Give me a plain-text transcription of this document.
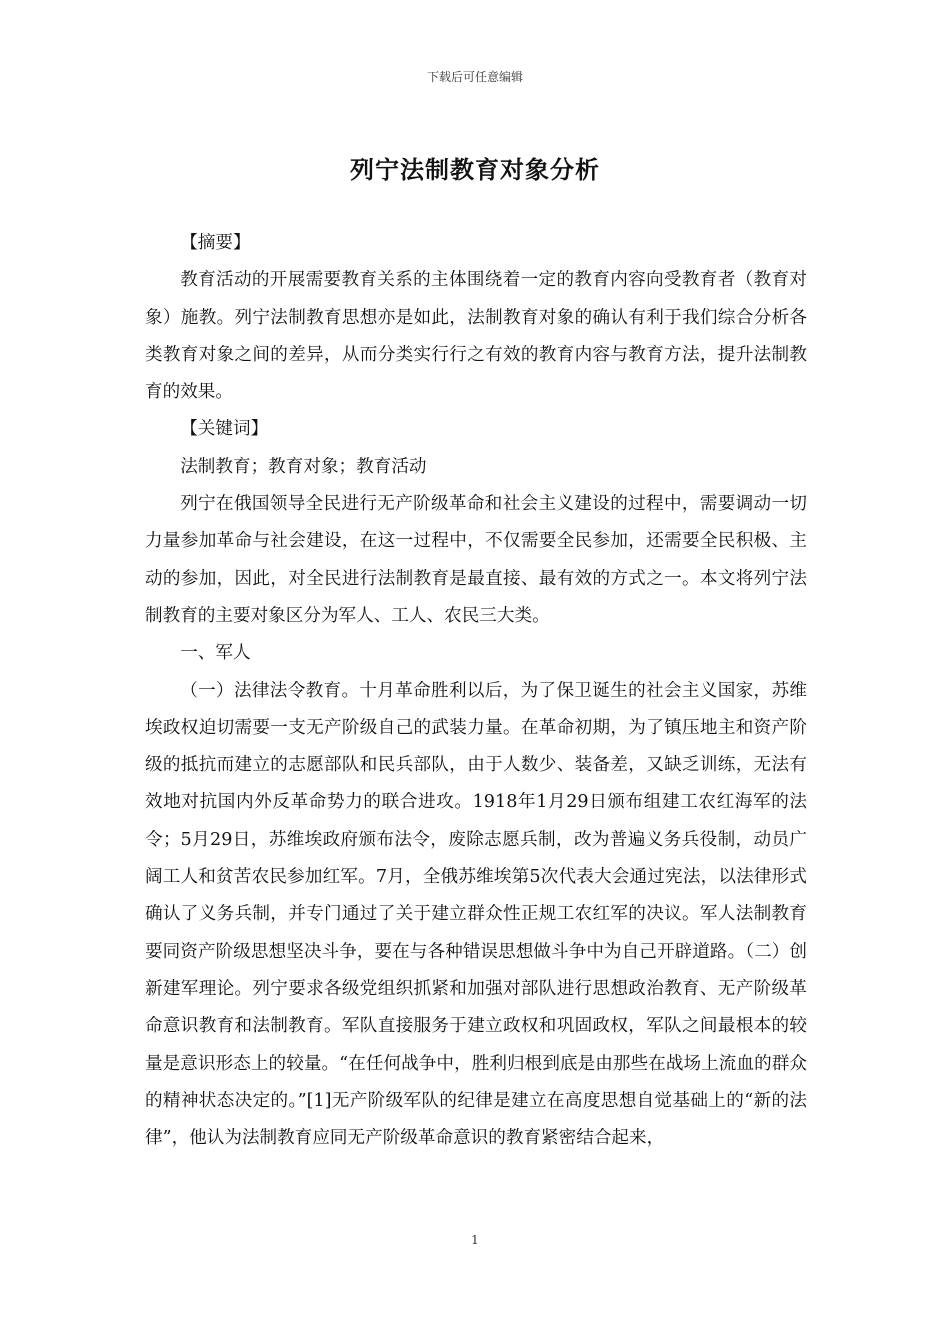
下载后可任意编辑
列宁法制教育对象分析

【摘要】

教育活动的开展需要教育关系的主体围绕着一定的教育内容向受教育者（教育对象）施教。列宁法制教育思想亦是如此，法制教育对象的确认有利于我们综合分析各类教育对象之间的差异，从而分类实行行之有效的教育内容与教育方法，提升法制教育的效果。

【关键词】

法制教育；教育对象；教育活动

列宁在俄国领导全民进行无产阶级革命和社会主义建设的过程中，需要调动一切力量参加革命与社会建设，在这一过程中，不仅需要全民参加，还需要全民积极、主动的参加，因此，对全民进行法制教育是最直接、最有效的方式之一。本文将列宁法制教育的主要对象区分为军人、工人、农民三大类。

一、军人

（一）法律法令教育。十月革命胜利以后，为了保卫诞生的社会主义国家，苏维埃政权迫切需要一支无产阶级自己的武装力量。在革命初期，为了镇压地主和资产阶级的抵抗而建立的志愿部队和民兵部队，由于人数少、装备差，又缺乏训练，无法有效地对抗国内外反革命势力的联合进攻。1918年1月29日颁布组建工农红海军的法令；5月29日，苏维埃政府颁布法令，废除志愿兵制，改为普遍义务兵役制，动员广阔工人和贫苦农民参加红军。7月，全俄苏维埃第5次代表大会通过宪法，以法律形式确认了义务兵制，并专门通过了关于建立群众性正规工农红军的决议。军人法制教育要同资产阶级思想坚决斗争，要在与各种错误思想做斗争中为自己开辟道路。（二）创新建军理论。列宁要求各级党组织抓紧和加强对部队进行思想政治教育、无产阶级革命意识教育和法制教育。军队直接服务于建立政权和巩固政权，军队之间最根本的较量是意识形态上的较量。“在任何战争中，胜利归根到底是由那些在战场上流血的群众的精神状态决定的。”[1]无产阶级军队的纪律是建立在高度思想自觉基础上的“新的法律”，他认为法制教育应同无产阶级革命意识的教育紧密结合起来，

1
